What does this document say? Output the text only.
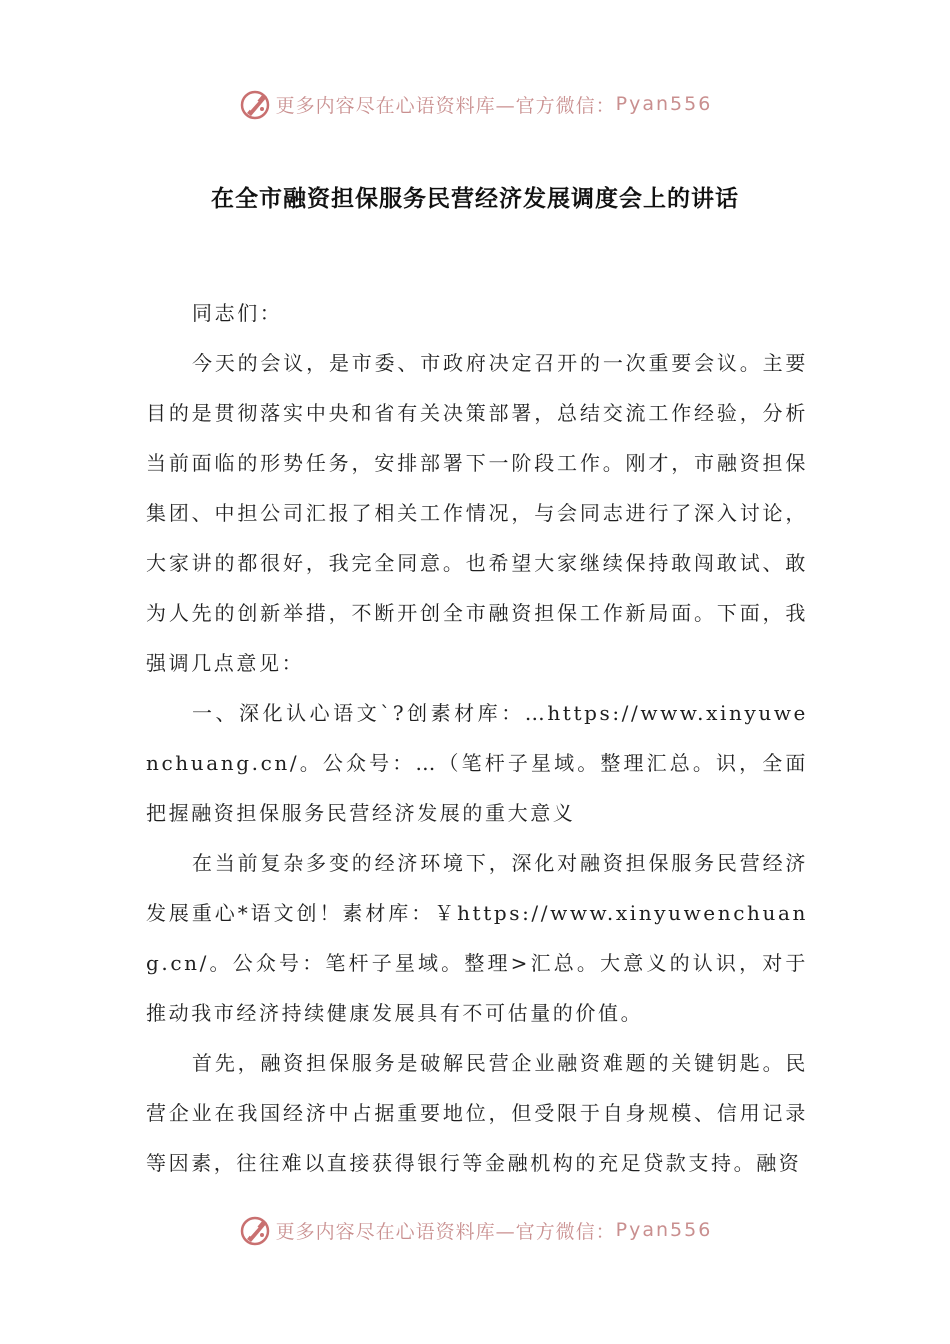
更多内容尽在心语资料库—官方微信： Pyan556
在全市融资担保服务民营经济发展调度会上的讲话

同志们：

今天的会议，是市委、市政府决定召开的一次重要会议。主要目的是贯彻落实中央和省有关决策部署，总结交流工作经验，分析当前面临的形势任务，安排部署下一阶段工作。刚才，市融资担保集团、中担公司汇报了相关工作情况，与会同志进行了深入讨论，大家讲的都很好，我完全同意。也希望大家继续保持敢闯敢试、敢为人先的创新举措，不断开创全市融资担保工作新局面。下面，我强调几点意见：

一、深化认心语文`?创素材库：…https://www.xinyuwenchuang.cn/。公众号：…（笔杆子星域。整理汇总。识，全面把握融资担保服务民营经济发展的重大意义

在当前复杂多变的经济环境下，深化对融资担保服务民营经济发展重心*语文创！素材库：￥https://www.xinyuwenchuang.cn/。公众号：笔杆子星域。整理>汇总。大意义的认识，对于推动我市经济持续健康发展具有不可估量的价值。

首先，融资担保服务是破解民营企业融资难题的关键钥匙。民营企业在我国经济中占据重要地位，但受限于自身规模、信用记录等因素，往往难以直接获得银行等金融机构的充足贷款支持。融资

更多内容尽在心语资料库—官方微信： Pyan556
